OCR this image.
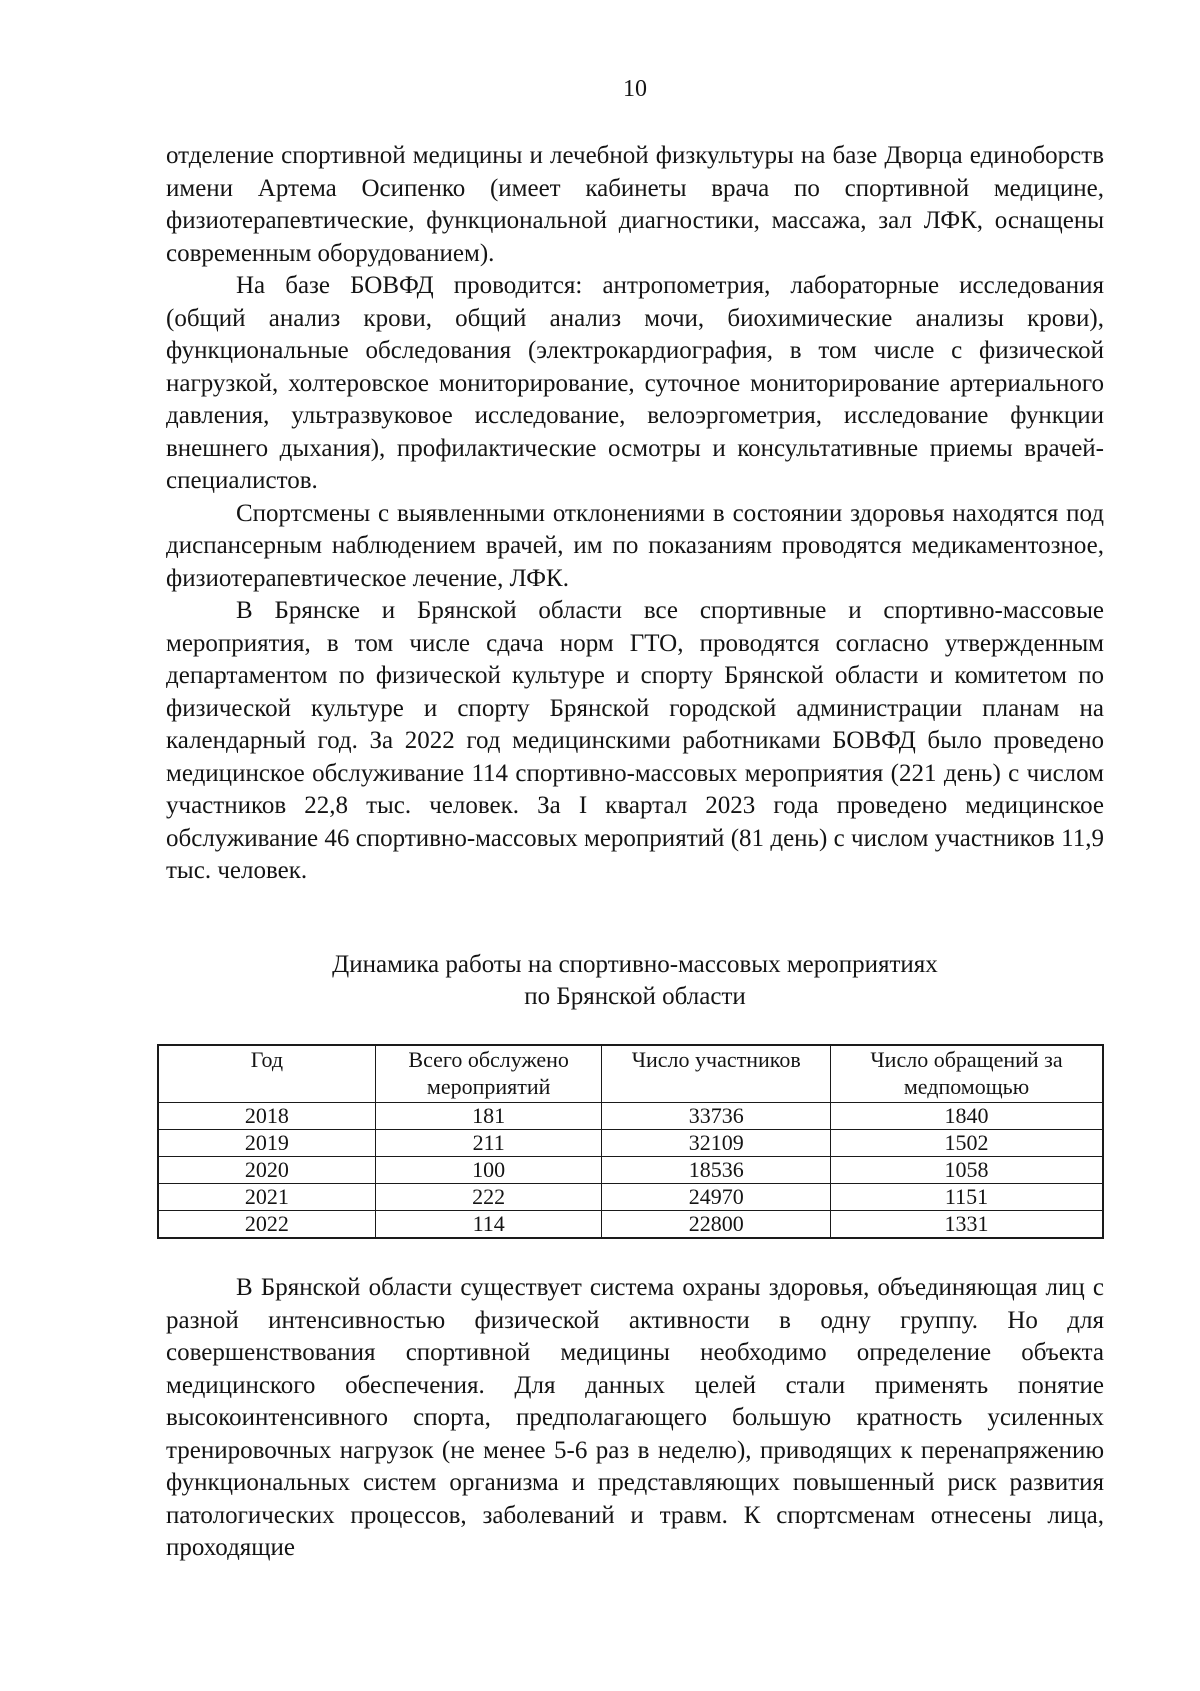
10
отделение спортивной медицины и лечебной физкультуры на базе Дворца единоборств имени Артема Осипенко (имеет кабинеты врача по спортивной медицине, физиотерапевтические, функциональной диагностики, массажа, зал ЛФК, оснащены современным оборудованием).
На базе БОВФД проводится: антропометрия, лабораторные исследования (общий анализ крови, общий анализ мочи, биохимические анализы крови), функциональные обследования (электрокардиография, в том числе с физической нагрузкой, холтеровское мониторирование, суточное мониторирование артериального давления, ультразвуковое исследование, велоэргометрия, исследование функции внешнего дыхания), профилактические осмотры и консультативные приемы врачей-специалистов.
Спортсмены с выявленными отклонениями в состоянии здоровья находятся под диспансерным наблюдением врачей, им по показаниям проводятся медикаментозное, физиотерапевтическое лечение, ЛФК.
В Брянске и Брянской области все спортивные и спортивно-массовые мероприятия, в том числе сдача норм ГТО, проводятся согласно утвержденным департаментом по физической культуре и спорту Брянской области и комитетом по физической культуре и спорту Брянской городской администрации планам на календарный год. За 2022 год медицинскими работниками БОВФД было проведено медицинское обслуживание 114 спортивно-массовых мероприятия (221 день) с числом участников 22,8 тыс. человек. За I квартал 2023 года проведено медицинское обслуживание 46 спортивно-массовых мероприятий (81 день) с числом участников 11,9 тыс. человек.
Динамика работы на спортивно-массовых мероприятиях
по Брянской области
Год	Всего обслужено мероприятий	Число участников	Число обращений за медпомощью
2018	181	33736	1840
2019	211	32109	1502
2020	100	18536	1058
2021	222	24970	1151
2022	114	22800	1331
В Брянской области существует система охраны здоровья, объединяющая лиц с разной интенсивностью физической активности в одну группу. Но для совершенствования спортивной медицины необходимо определение объекта медицинского обеспечения. Для данных целей стали применять понятие высокоинтенсивного спорта, предполагающего большую кратность усиленных тренировочных нагрузок (не менее 5-6 раз в неделю), приводящих к перенапряжению функциональных систем организма и представляющих повышенный риск развития патологических процессов, заболеваний и травм. К спортсменам отнесены лица, проходящие
